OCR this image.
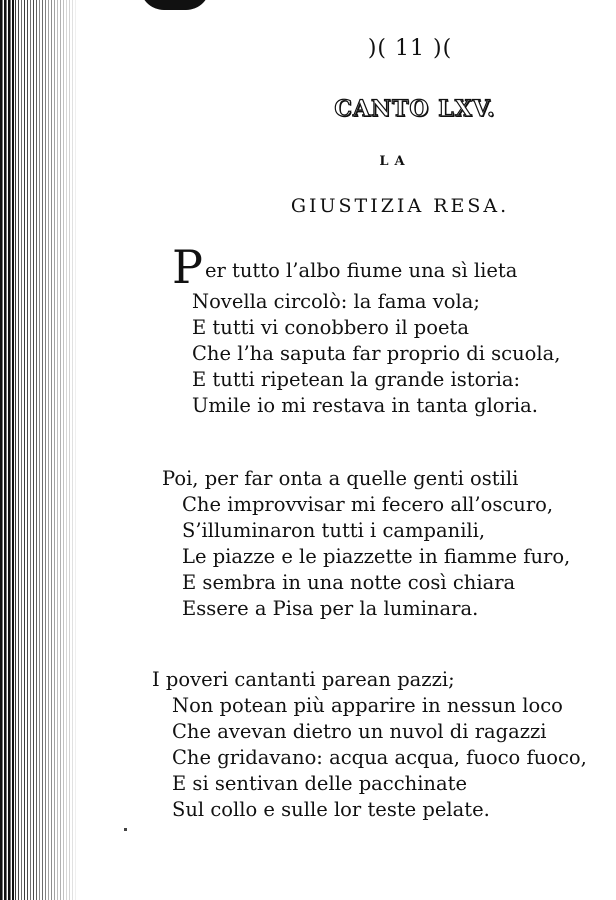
)( 11 )(
CANTO LXV.
LA
GIUSTIZIA RESA.
Per tutto l’albo fiume una sì lieta
Novella circolò: la fama vola;
E tutti vi conobbero il poeta
Che l’ha saputa far proprio di scuola,
E tutti ripetean la grande istoria:
Umile io mi restava in tanta gloria.
Poi, per far onta a quelle genti ostili
Che improvvisar mi fecero all’oscuro,
S’illuminaron tutti i campanili,
Le piazze e le piazzette in fiamme furo,
E sembra in una notte così chiara
Essere a Pisa per la luminara.
I poveri cantanti parean pazzi;
Non potean più apparire in nessun loco
Che avevan dietro un nuvol di ragazzi
Che gridavano: acqua acqua, fuoco fuoco,
E si sentivan delle pacchinate
Sul collo e sulle lor teste pelate.
